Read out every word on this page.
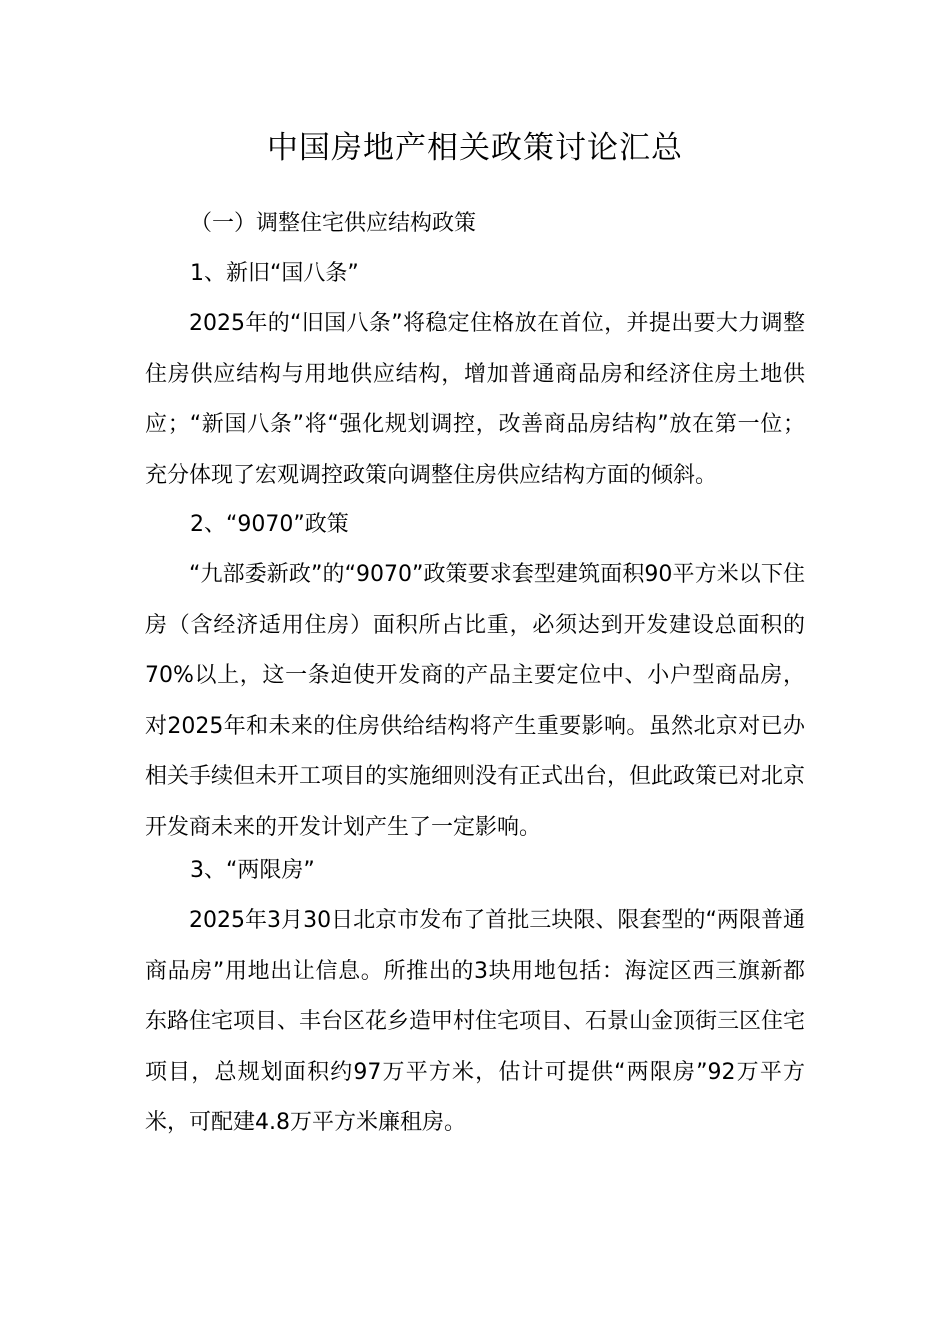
中国房地产相关政策讨论汇总

（一）调整住宅供应结构政策

1、新旧“国八条”

2025年的“旧国八条”将稳定住格放在首位，并提出要大力调整住房供应结构与用地供应结构，增加普通商品房和经济住房土地供应；“新国八条”将“强化规划调控，改善商品房结构”放在第一位；充分体现了宏观调控政策向调整住房供应结构方面的倾斜。

2、“9070”政策

“九部委新政”的“9070”政策要求套型建筑面积90平方米以下住房（含经济适用住房）面积所占比重，必须达到开发建设总面积的70%以上，这一条迫使开发商的产品主要定位中、小户型商品房，对2025年和未来的住房供给结构将产生重要影响。虽然北京对已办相关手续但未开工项目的实施细则没有正式出台，但此政策已对北京开发商未来的开发计划产生了一定影响。

3、“两限房”

2025年3月30日北京市发布了首批三块限、限套型的“两限普通商品房”用地出让信息。所推出的3块用地包括：海淀区西三旗新都东路住宅项目、丰台区花乡造甲村住宅项目、石景山金顶街三区住宅项目，总规划面积约97万平方米，估计可提供“两限房”92万平方米，可配建4.8万平方米廉租房。
